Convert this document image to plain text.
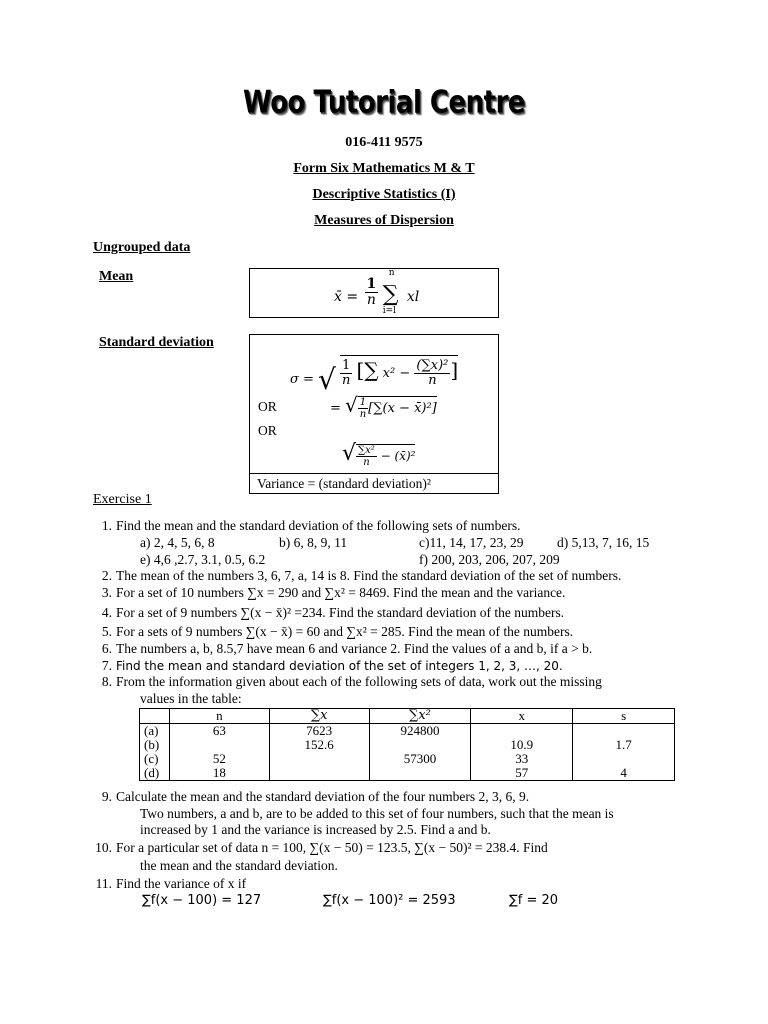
Woo Tutorial Centre
016-411 9575
Form Six Mathematics M & T
Descriptive Statistics (I)
Measures of Dispersion
Ungrouped data
Mean
x̄ = $\frac{1}{n}$ ∑
n
i=l
xl
Standard deviation
σ = √ $\frac{1}{n}$ [∑ $x^2 - \frac{\text{(∑x)²}}{n}$ ]
OR	= √ $\frac{1}{n} [\sum(x$ − x̄)²]
OR
√ $\frac{\text{∑x²}}{n}$ − (x̄)²
Variance = (standard deviation)²
Exercise 1
1. Find the mean and the standard deviation of the following sets of numbers.
a) 2, 4, 5, 6, 8	b) 6, 8, 9, 11	c)11, 14, 17, 23, 29 d) 5,13, 7, 16, 15
e) 4,6 ,2.7, 3.1, 0.5, 6.2	f) 200, 203, 206, 207, 209
2. The mean of the numbers 3, 6, 7, a, 14 is 8. Find the standard deviation of the set of numbers.
3. For a set of 10 numbers ∑x = 290 and ∑x² = 8469. Find the mean and the variance.
4. For a set of 9 numbers ∑(x − x̄)² =234. Find the standard deviation of the numbers.
5. For a sets of 9 numbers ∑(x − x̄) = 60 and ∑x² = 285. Find the mean of the numbers.
6. The numbers a, b, 8.5,7 have mean 6 and variance 2. Find the values of a and b, if a > b.
7. Find the mean and standard deviation of the set of integers 1, 2, 3, …, 20.
8. From the information given about each of the following sets of data, work out the missing
values in the table:
	n	∑x	∑x²	x	s
(a)	63	7623	924800		
(b)		152.6		10.9	1.7
(c)	52		57300	33	
(d)	18			57	4
9. Calculate the mean and the standard deviation of the four numbers 2, 3, 6, 9.
Two numbers, a and b, are to be added to this set of four numbers, such that the mean is
increased by 1 and the variance is increased by 2.5. Find a and b.
10. For a particular set of data n = 100, ∑(x − 50) = 123.5, ∑(x − 50)² = 238.4. Find
the mean and the standard deviation.
11. Find the variance of x if
∑f(x − 100) = 127	∑f(x − 100)² = 2593	∑f = 20
